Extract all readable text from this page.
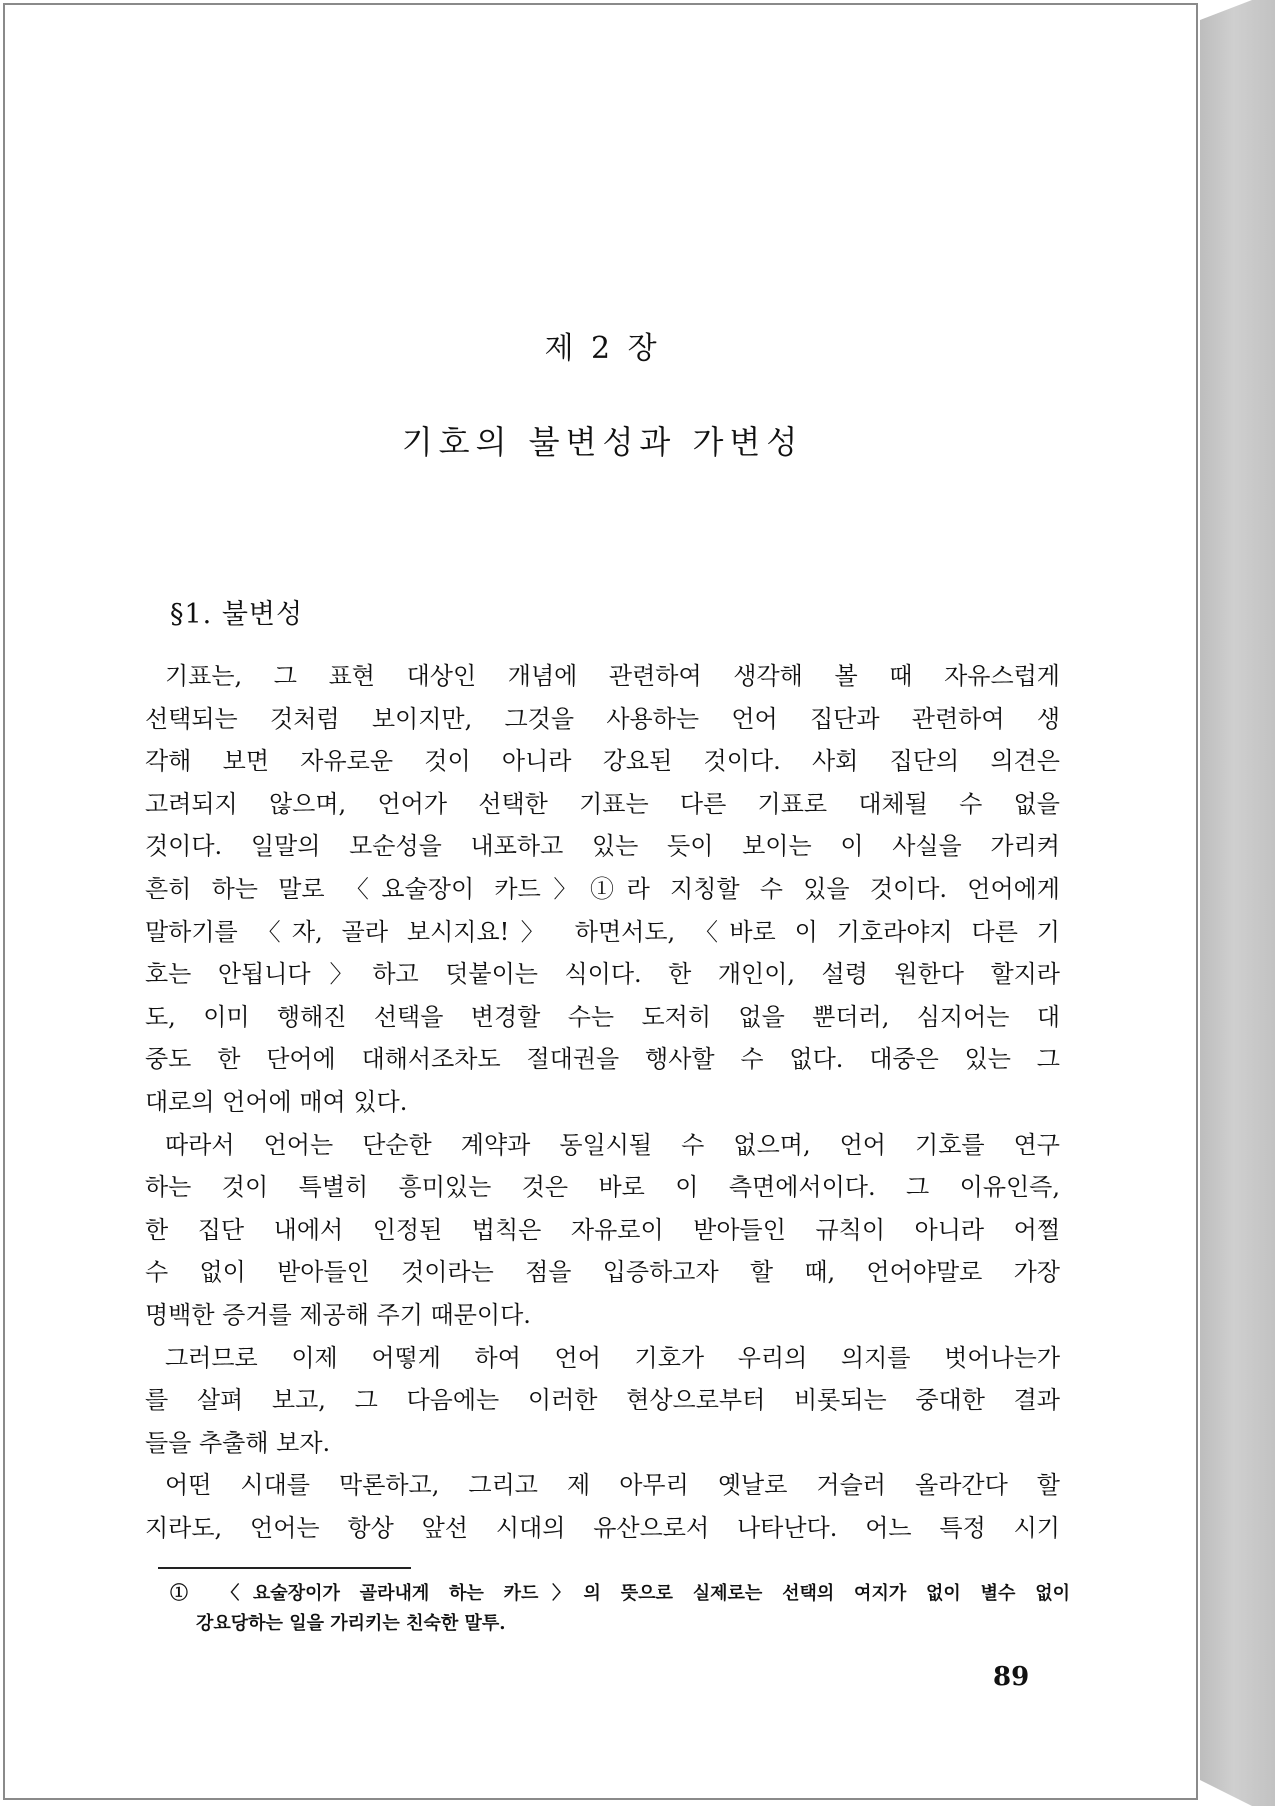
제 2 장
기호의 불변성과 가변성
§1. 불변성
기표는, 그 표현 대상인 개념에 관련하여 생각해 볼 때 자유스럽게
선택되는 것처럼 보이지만, 그것을 사용하는 언어 집단과 관련하여 생
각해 보면 자유로운 것이 아니라 강요된 것이다. 사회 집단의 의견은
고려되지 않으며, 언어가 선택한 기표는 다른 기표로 대체될 수 없을
것이다. 일말의 모순성을 내포하고 있는 듯이 보이는 이 사실을 가리켜
흔히 하는 말로 〈요술장이 카드〉①라 지칭할 수 있을 것이다. 언어에게
말하기를 〈자, 골라 보시지요!〉 하면서도, 〈바로 이 기호라야지 다른 기
호는 안됩니다〉하고 덧붙이는 식이다. 한 개인이, 설령 원한다 할지라
도, 이미 행해진 선택을 변경할 수는 도저히 없을 뿐더러, 심지어는 대
중도 한 단어에 대해서조차도 절대권을 행사할 수 없다. 대중은 있는 그
대로의 언어에 매여 있다.
따라서 언어는 단순한 계약과 동일시될 수 없으며, 언어 기호를 연구
하는 것이 특별히 흥미있는 것은 바로 이 측면에서이다. 그 이유인즉,
한 집단 내에서 인정된 법칙은 자유로이 받아들인 규칙이 아니라 어쩔
수 없이 받아들인 것이라는 점을 입증하고자 할 때, 언어야말로 가장
명백한 증거를 제공해 주기 때문이다.
그러므로 이제 어떻게 하여 언어 기호가 우리의 의지를 벗어나는가
를 살펴 보고, 그 다음에는 이러한 현상으로부터 비롯되는 중대한 결과
들을 추출해 보자.
어떤 시대를 막론하고, 그리고 제 아무리 옛날로 거슬러 올라간다 할
지라도, 언어는 항상 앞선 시대의 유산으로서 나타난다. 어느 특정 시기
① 〈요술장이가 골라내게 하는 카드〉의 뜻으로 실제로는 선택의 여지가 없이 별수 없이
강요당하는 일을 가리키는 친숙한 말투.
89
